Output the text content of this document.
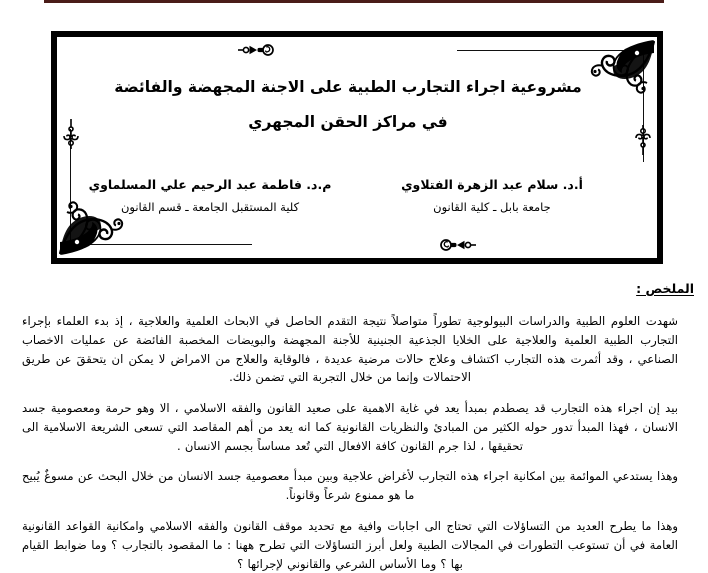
مشروعية اجراء التجارب الطبية على الاجنة المجهضة والفائضة
في مراكز الحقن المجهري
أ.د. سلام عبد الزهرة الفتلاوي
جامعة بابل ـ كلية القانون
م.د. فاطمة عبد الرحيم علي المسلماوي
كلية المستقبل الجامعة ـ قسم القانون
الملخص :

شهدت العلوم الطبية والدراسات البيولوجية تطوراً متواصلاً نتيجة التقدم الحاصل في الابحاث العلمية والعلاجية ، إذ بدء العلماء بإجراء التجارب الطبية العلمية والعلاجية على الخلايا الجذعية الجنينية للأجنة المجهضة والبويضات المخصبة الفائضة عن عمليات الاخصاب الصناعي ، وقد أثمرت هذه التجارب اكتشاف وعلاج حالات مرضية عديدة ، فالوقاية والعلاج من الامراض لا يمكن ان يتحققَ عن طريق الاحتمالات وإنما من خلال التجربة التي تضمن ذلك.

بيد إن اجراء هذه التجارب قد يصطدم بمبدأ يعد في غاية الاهمية على صعيد القانون والفقه الاسلامي ، الا وهو حرمة ومعصومية جسد الانسان ، فهذا المبدأ تدور حوله الكثير من المبادئ والنظريات القانونية كما انه يعد من أهم المقاصد التي تسعى الشريعة الاسلامية الى تحقيقها ، لذا جرم القانون كافة الافعال التي تُعد مساساً بجسم الانسان .

وهذا يستدعي الموائمة بين امكانية اجراء هذه التجارب لأغراض علاجية وبين مبدأ معصومية جسد الانسان من خلال البحث عن مسوغٌ يُبيح ما هو ممنوع شرعاً وقانوناً.

وهذا ما يطرح العديد من التساؤلات التي تحتاج الى اجابات وافية مع تحديد موقف القانون والفقه الاسلامي وامكانية القواعد القانونية العامة في أن تستوعب التطورات في المجالات الطبية ولعل أبرز التساؤلات التي تطرح ههنا : ما المقصود بالتجارب ؟ وما ضوابط القيام بها ؟ وما الأساس الشرعي والقانوني لإجرائها ؟
